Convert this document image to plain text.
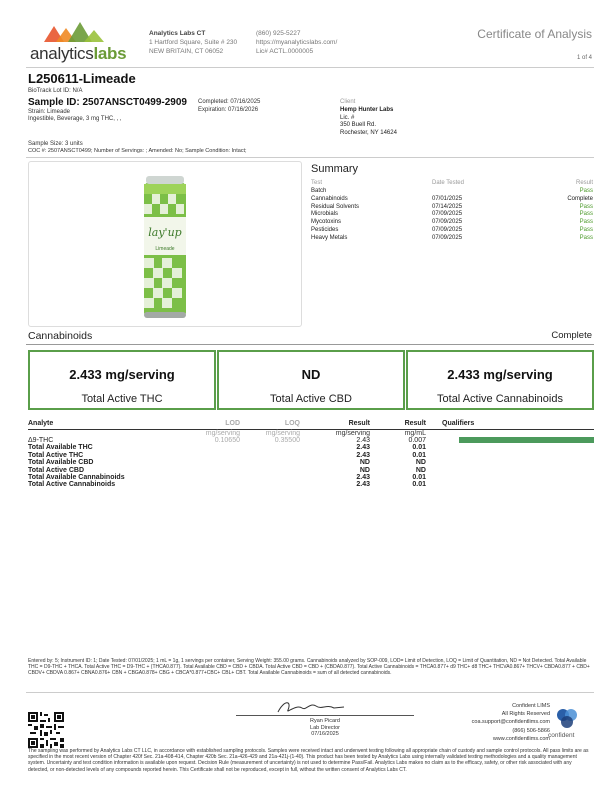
analyticslabs
Analytics Labs CT
1 Hartford Square, Suite # 230
NEW BRITAIN, CT 06052
(860) 925-5227
https://myanalyticslabs.com/
Lic# ACTL.0000005
Certificate of Analysis
1 of 4
L250611-Limeade
BioTrack Lot ID: N/A
Sample ID: 2507ANSCT0499-2909
Strain: Limeade
Ingestible, Beverage, 3 mg THC, , ,
Completed: 07/16/2025
Expiration: 07/16/2026
Client
Hemp Hunter Labs
Lic. #
350 Buell Rd.
Rochester, NY 14624
Sample Size: 3 units
COC #: 2507ANSCT0499; Number of Servings: ; Amended: No; Sample Condition: Intact;
lay'up
Limeade
Summary
Test	Date Tested	Result
Batch		Pass
Cannabinoids	07/01/2025	Complete
Residual Solvents	07/14/2025	Pass
Microbials	07/09/2025	Pass
Mycotoxins	07/09/2025	Pass
Pesticides	07/09/2025	Pass
Heavy Metals	07/09/2025	Pass
Cannabinoids	Complete
2.433 mg/serving
Total Active THC
ND
Total Active CBD
2.433 mg/serving
Total Active Cannabinoids
Analyte	LOD	LOQ	Result	Result	Qualifiers
	mg/serving	mg/serving	mg/serving	mg/mL	
Δ9-THC	0.10650	0.35500	2.43	0.007	
Total Available THC			2.43	0.01	
Total Active THC			2.43	0.01	
Total Available CBD			ND	ND	
Total Active CBD			ND	ND	
Total Available Cannabinoids			2.43	0.01	
Total Active Cannabinoids			2.43	0.01	
Entered by: 5; Instrument ID: 1; Date Tested: 07/01/2025; 1 mL = 1g, 1 servings per container, Serving Weight: 355.00 grams. Cannabinoids analyzed by SOP-009, LOD= Limit of Detection, LOQ = Limit of Quantitation, ND = Not Detected. Total Available THC = D9-THC + THCA. Total Active THC = D9-THC + (THCA0.877). Total Available CBD = CBD + CBDA. Total Active CBD = CBD + (CBDA0.877). Total Active Cannabinoids = THCA0.877+ d9 THC+ d8 THC+ THCVA0.867+ THCV+ CBDA0.877 + CBD+ CBDV+ CBDVA 0.867+ CBNA0.876+ CBN + CBGA0.878+ CBG + CBCA*0.877+CBC+ CBL+ CBT. Total Available Cannabinoids = sum of all detected cannabinoids.
Ryan Picard
Lab Director
07/16/2025
Confident LIMS
All Rights Reserved
coa.support@confidentlims.com
(866) 506-5866
www.confidentlims.com
confident
The sampling was performed by Analytics Labs CT LLC, in accordance with established sampling protocols. Samples were received intact and underwent testing following all appropriate chain of custody and sample control protocols. All pass limits are as specified in the most recent version of Chapter 420f Sec. 21a-408-414, Chapter 420b Sec. 21a-426-429 and 21a-421j-(1-40). This product has been tested by Analytics Labs using internally validated testing methodologies and a quality management system. Uncertainty and test condition information is available upon request. Decision Rule (measurement of uncertainty) is not used to determine Pass/Fail. Analytics Labs makes no claim as to the efficacy, safety, or other risk associated with any detected, or non-detected levels of any compounds reported herein. This Certificate shall not be reproduced, except in full, without the written consent of Analytics Labs CT.
